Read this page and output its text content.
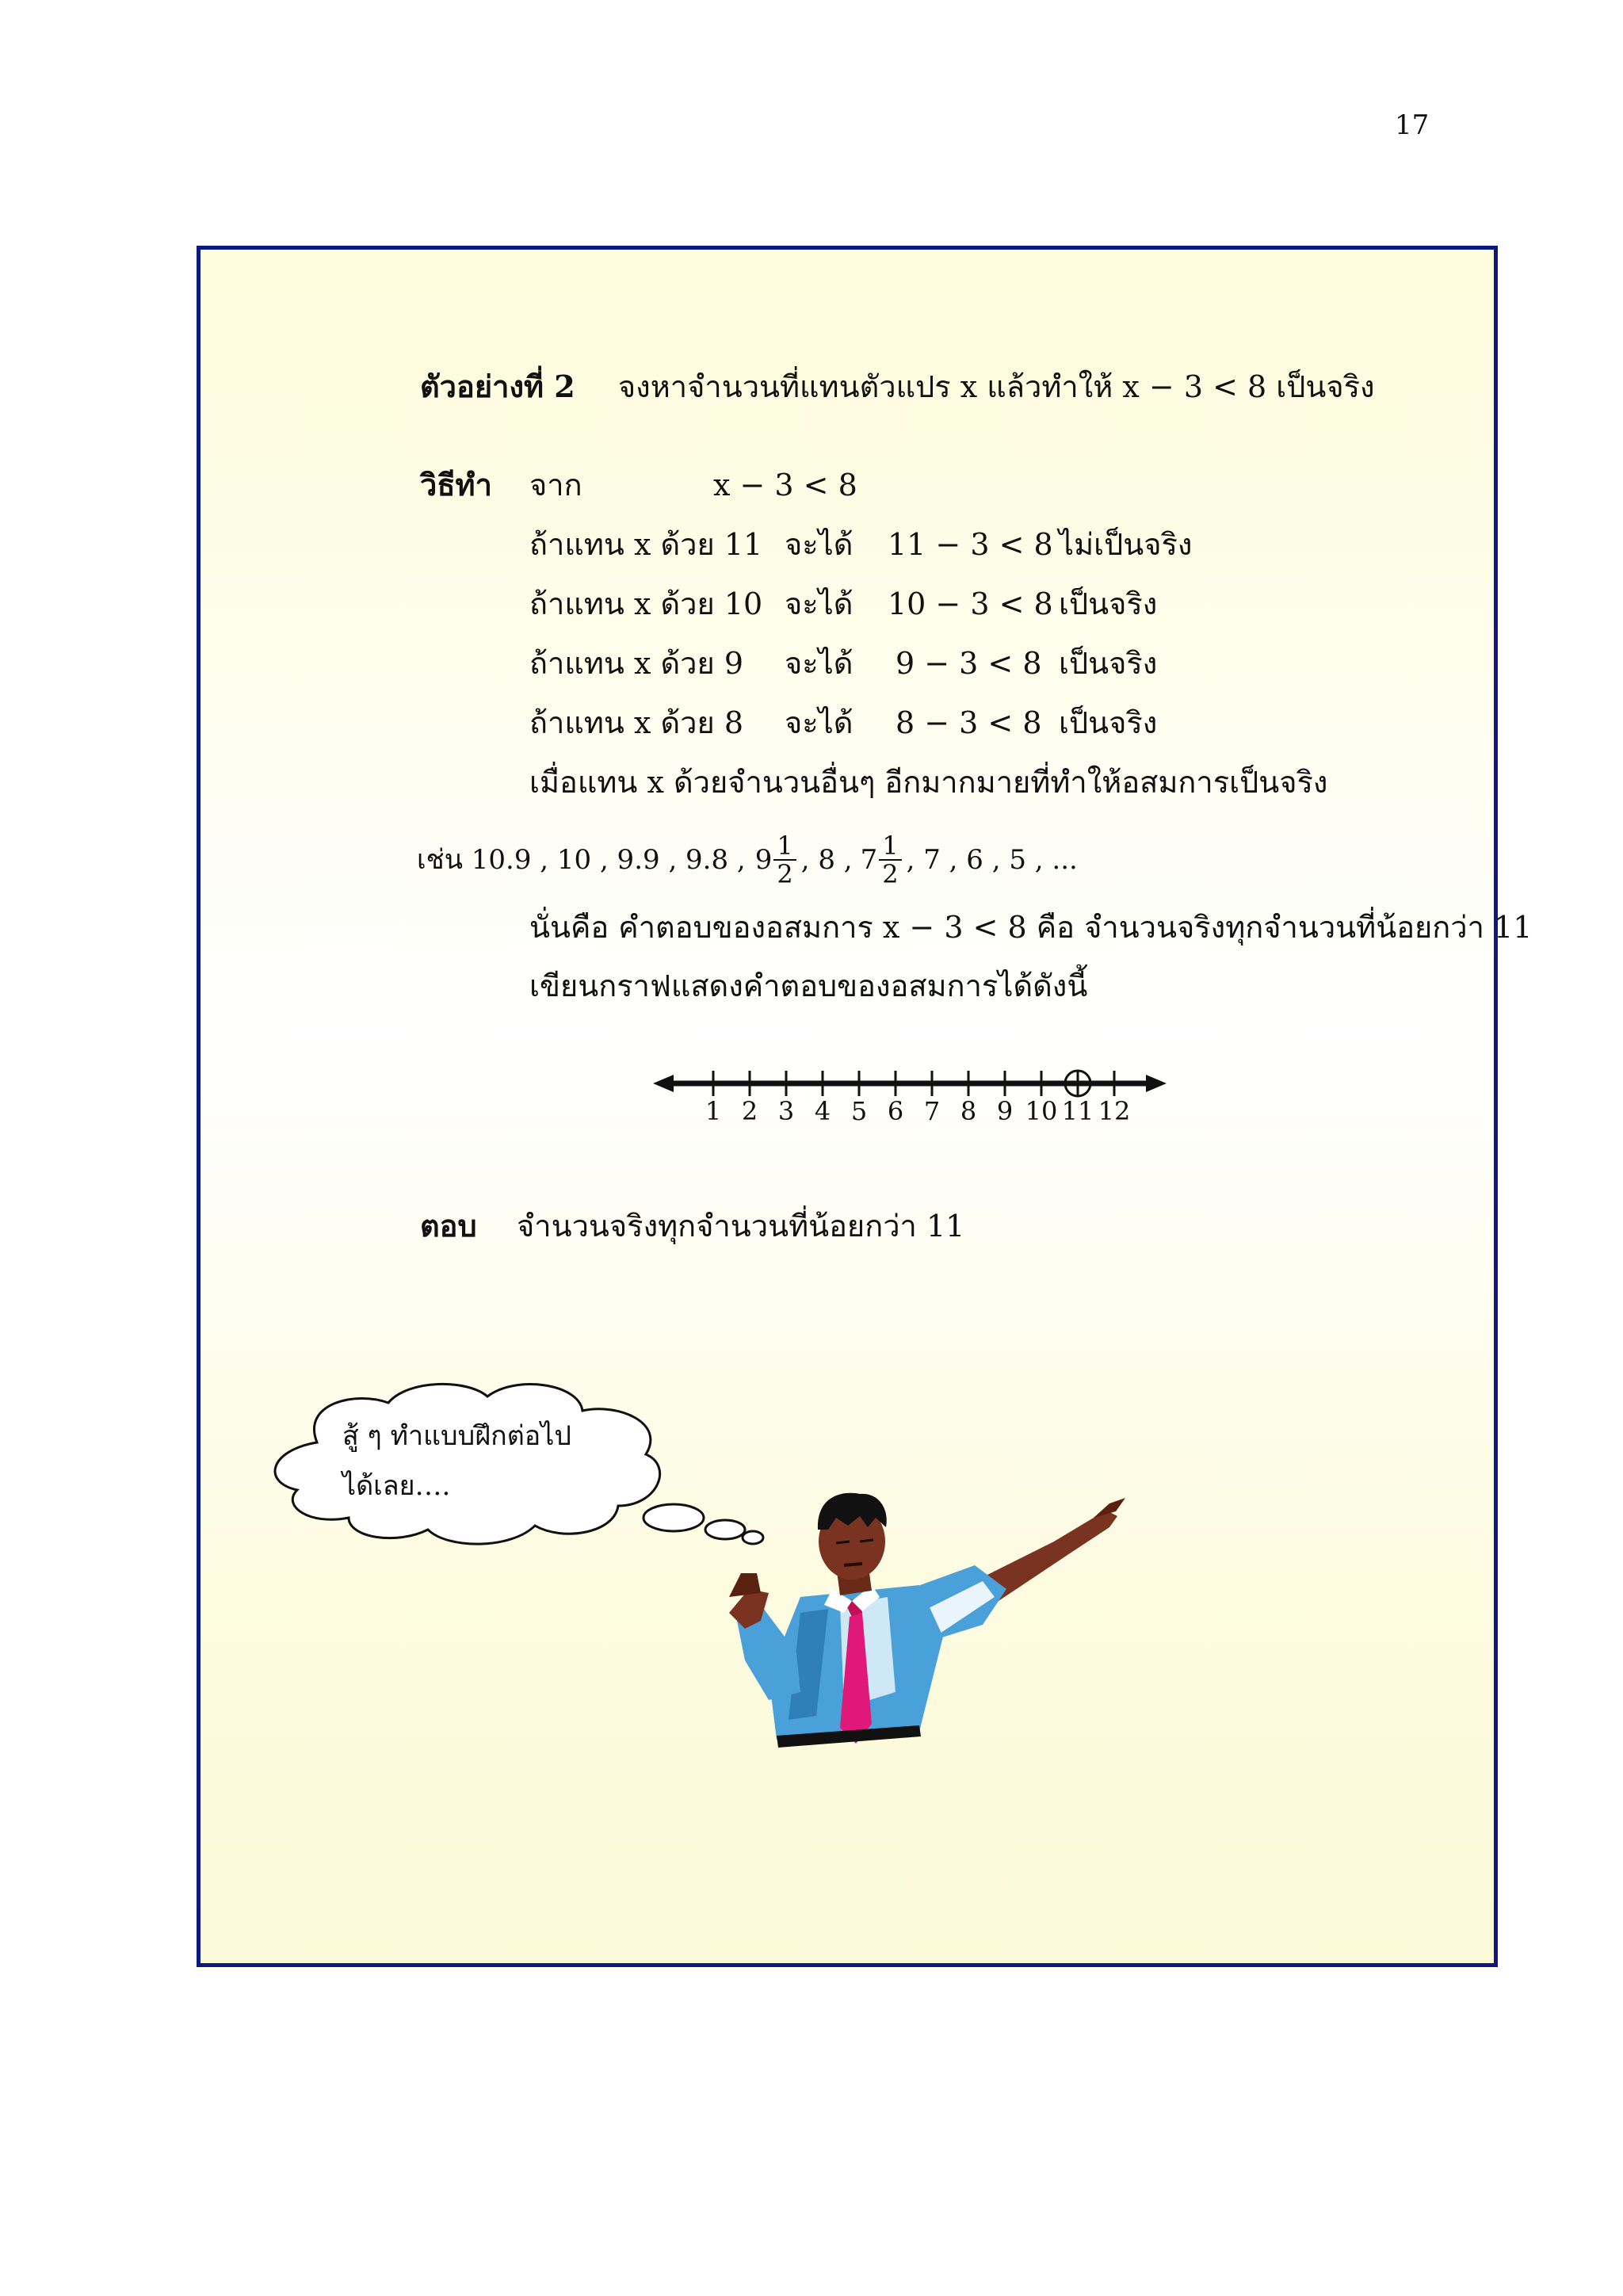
17
ตัวอย่างที่ 2 จงหาจำนวนที่แทนตัวแปร x แล้วทำให้ x − 3 < 8 เป็นจริง
วิธีทำ จาก	x − 3 < 8
ถ้าแทน x ด้วย 11 จะได้ 11 − 3 < 8 ไม่เป็นจริง
ถ้าแทน x ด้วย 10 จะได้ 10 − 3 < 8 เป็นจริง
ถ้าแทน x ด้วย 9 จะได้ 9 − 3 < 8 เป็นจริง
ถ้าแทน x ด้วย 8 จะได้ 8 − 3 < 8 เป็นจริง
เมื่อแทน x ด้วยจำนวนอื่นๆ อีกมากมายที่ทำให้อสมการเป็นจริง
เช่น 10.9 , 10 , 9.9 , 9.8 , $9 \frac{1}{2}$ , 8 , $7 \frac{1}{2}$ , 7 , 6 , 5 , ...
นั่นคือ คำตอบของอสมการ x − 3 < 8 คือ จำนวนจริงทุกจำนวนที่น้อยกว่า 11
เขียนกราฟแสดงคำตอบของอสมการได้ดังนี้
1 2 3 4 5 6 7 8 9 10 11 12
ตอบ จำนวนจริงทุกจำนวนที่น้อยกว่า 11
สู้ ๆ ทำแบบฝึกต่อไป
ได้เลย….
